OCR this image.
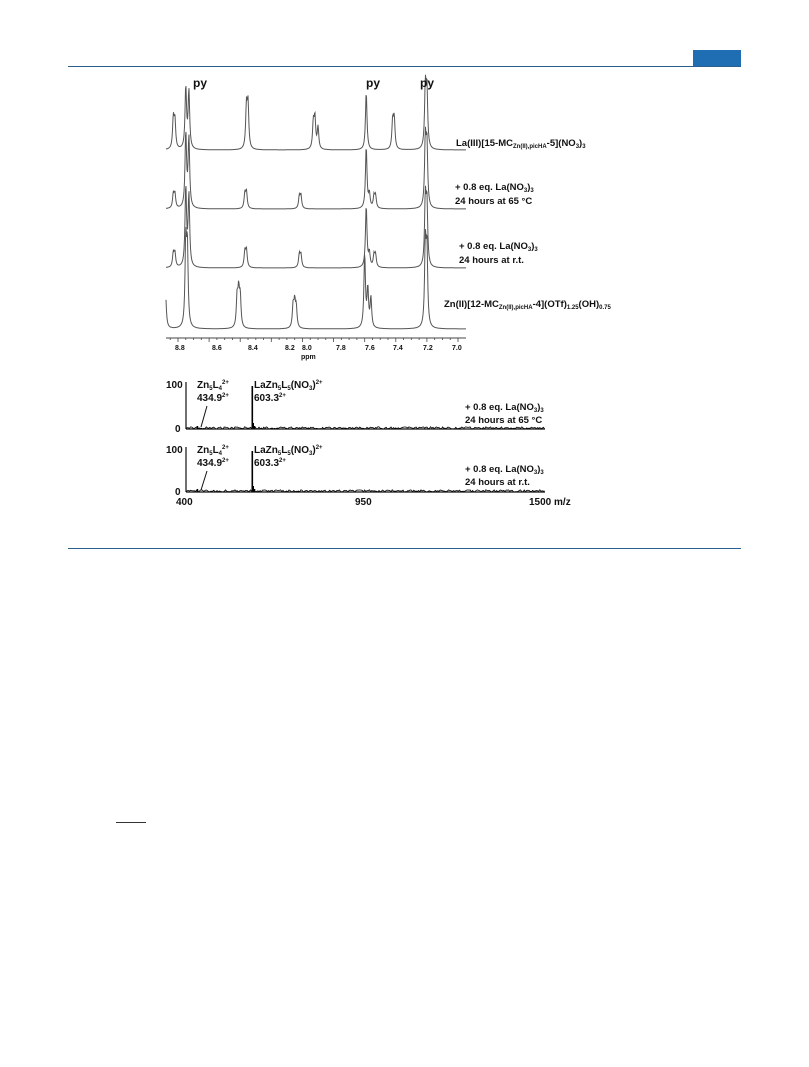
py	py	py
8.8	8.6	8.4	8.2 8.0	7.8	7.6	7.4	7.2	7.0
ppm
$La(III)[15-MC_{Zn(II),picHA}-5](NO_3)_3$
+ 0.8 eq. $La(NO_3)_3$
24 hours at 65 °C
+ 0.8 eq. $La(NO_3)_3$
24 hours at r.t.
$Zn(II)[12-MC_{Zn(II),picHA}-4](OTf)_{1.25}(OH)_{0.75}$
100
0
100
0
400	950	1500 m/z
$Zn_5L_4^{2+}$
$434.9^{2+}$
$LaZn_5L_5(NO_3)^{2+}$
$603.3^{2+}$
+ 0.8 eq. $La(NO_3)_3$
24 hours at 65 °C
$Zn_5L_4^{2+}$
$434.9^{2+}$
$LaZn_5L_5(NO_3)^{2+}$
$603.3^{2+}$
+ 0.8 eq. $La(NO_3)_3$
24 hours at r.t.
